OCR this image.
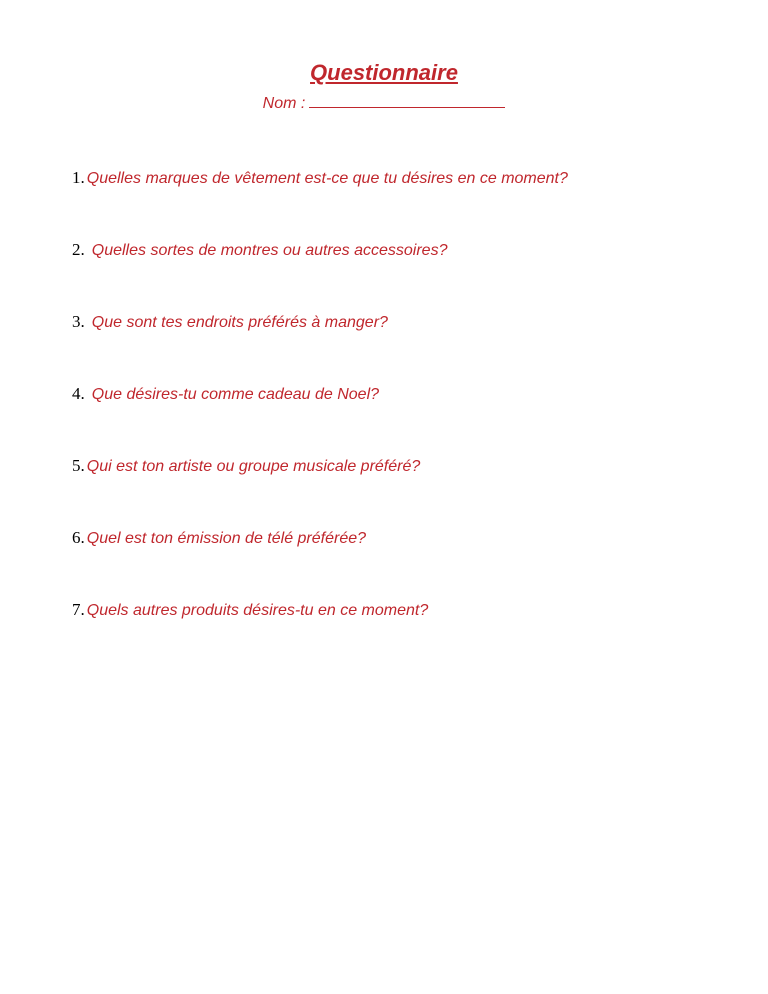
Questionnaire
Nom :
1. Quelles marques de vêtement est-ce que tu désires en ce moment?
2. Quelles sortes de montres ou autres accessoires?
3. Que sont tes endroits préférés à manger?
4. Que désires-tu comme cadeau de Noel?
5. Qui est ton artiste ou groupe musicale préféré?
6. Quel est ton émission de télé préférée?
7. Quels autres produits désires-tu en ce moment?
